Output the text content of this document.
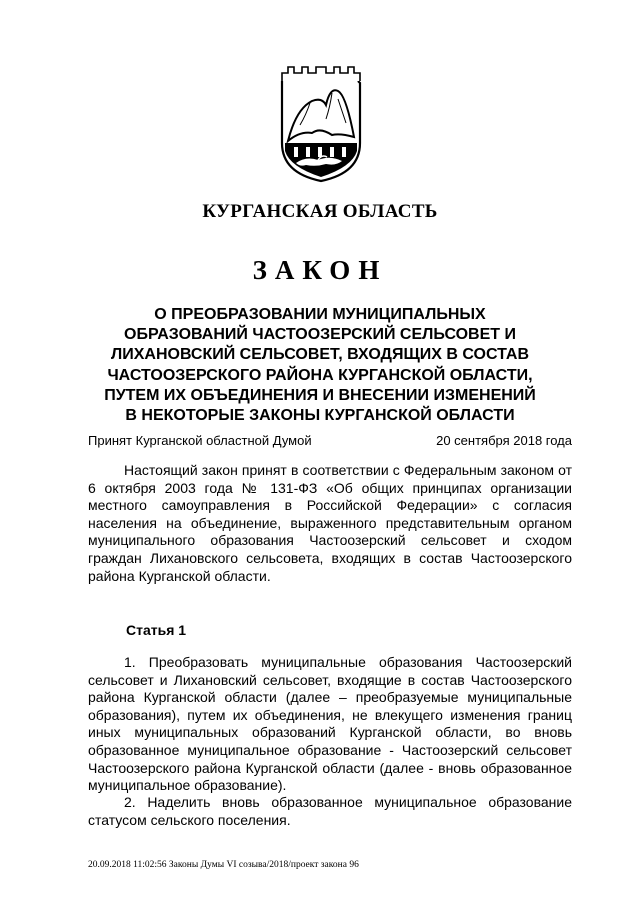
КУРГАНСКАЯ ОБЛАСТЬ
ЗАКОН
О ПРЕОБРАЗОВАНИИ МУНИЦИПАЛЬНЫХ
ОБРАЗОВАНИЙ ЧАСТООЗЕРСКИЙ СЕЛЬСОВЕТ И
ЛИХАНОВСКИЙ СЕЛЬСОВЕТ, ВХОДЯЩИХ В СОСТАВ
ЧАСТООЗЕРСКОГО РАЙОНА КУРГАНСКОЙ ОБЛАСТИ,
ПУТЕМ ИХ ОБЪЕДИНЕНИЯ И ВНЕСЕНИИ ИЗМЕНЕНИЙ
В НЕКОТОРЫЕ ЗАКОНЫ КУРГАНСКОЙ ОБЛАСТИ
Принят Курганской областной Думой	20 сентября 2018 года

Настоящий закон принят в соответствии с Федеральным законом от 6 октября 2003 года № 131-ФЗ «Об общих принципах организации местного самоуправления в Российской Федерации» с согласия населения на объединение, выраженного представительным органом муниципального образования Частоозерский сельсовет и сходом граждан Лихановского сельсовета, входящих в состав Частоозерского района Курганской области.

Статья 1

1. Преобразовать муниципальные образования Частоозерский сельсовет и Лихановский сельсовет, входящие в состав Частоозерского района Курганской области (далее – преобразуемые муниципальные образования), путем их объединения, не влекущего изменения границ иных муниципальных образований Курганской области, во вновь образованное муниципальное образование - Частоозерский сельсовет Частоозерского района Курганской области (далее - вновь образованное муниципальное образование).

2. Наделить вновь образованное муниципальное образование статусом сельского поселения.

20.09.2018 11:02:56 Законы Думы VI созыва/2018/проект закона 96
